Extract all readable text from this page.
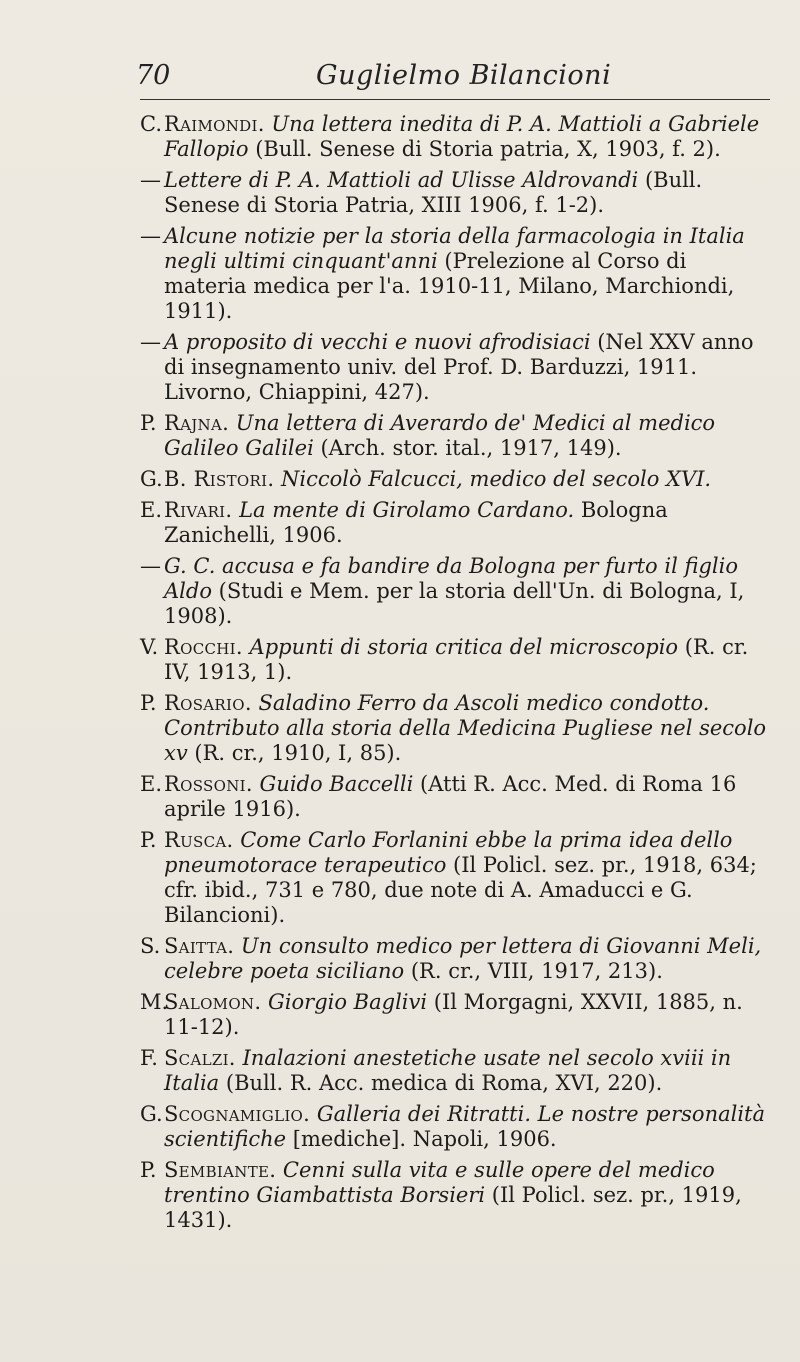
70	Guglielmo Bilancioni

C.Raimondi. Una lettera inedita di P. A. Mattioli a Gabriele Fallopio (Bull. Senese di Storia patria, X, 1903, f. 2).

— Lettere di P. A. Mattioli ad Ulisse Aldrovandi (Bull. Senese di Storia Patria, XIII 1906, f. 1-2).

— Alcune notizie per la storia della farmacologia in Italia negli ultimi cinquant'anni (Prelezione al Corso di materia medica per l'a. 1910-11, Milano, Marchiondi, 1911).

— A proposito di vecchi e nuovi afrodisiaci (Nel XXV anno di insegnamento univ. del Prof. D. Barduzzi, 1911. Livorno, Chiappini, 427).

P. Rajna. Una lettera di Averardo de' Medici al medico Galileo Galilei (Arch. stor. ital., 1917, 149).

G.B. Ristori. Niccolò Falcucci, medico del secolo XVI.

E.Rivari. La mente di Girolamo Cardano. Bologna Zanichelli, 1906.

— G. C. accusa e fa bandire da Bologna per furto il figlio Aldo (Studi e Mem. per la storia dell'Un. di Bologna, I, 1908).

V. Rocchi. Appunti di storia critica del microscopio (R. cr. IV, 1913, 1).

P. Rosario. Saladino Ferro da Ascoli medico condotto. Contributo alla storia della Medicina Pugliese nel secolo xv (R. cr., 1910, I, 85).

E.Rossoni. Guido Baccelli (Atti R. Acc. Med. di Roma 16 aprile 1916).

P. Rusca. Come Carlo Forlanini ebbe la prima idea dello pneumotorace terapeutico (Il Policl. sez. pr., 1918, 634; cfr. ibid., 731 e 780, due note di A. Amaducci e G. Bilancioni).

S. Saitta. Un consulto medico per lettera di Giovanni Meli, celebre poeta siciliano (R. cr., VIII, 1917, 213).

M.Salomon. Giorgio Baglivi (Il Morgagni, XXVII, 1885, n. 11-12).

F. Scalzi. Inalazioni anestetiche usate nel secolo xviii in Italia (Bull. R. Acc. medica di Roma, XVI, 220).

G.Scognamiglio. Galleria dei Ritratti. Le nostre personalità scientifiche [mediche]. Napoli, 1906.

P. Sembiante. Cenni sulla vita e sulle opere del medico trentino Giambattista Borsieri (Il Policl. sez. pr., 1919, 1431).
